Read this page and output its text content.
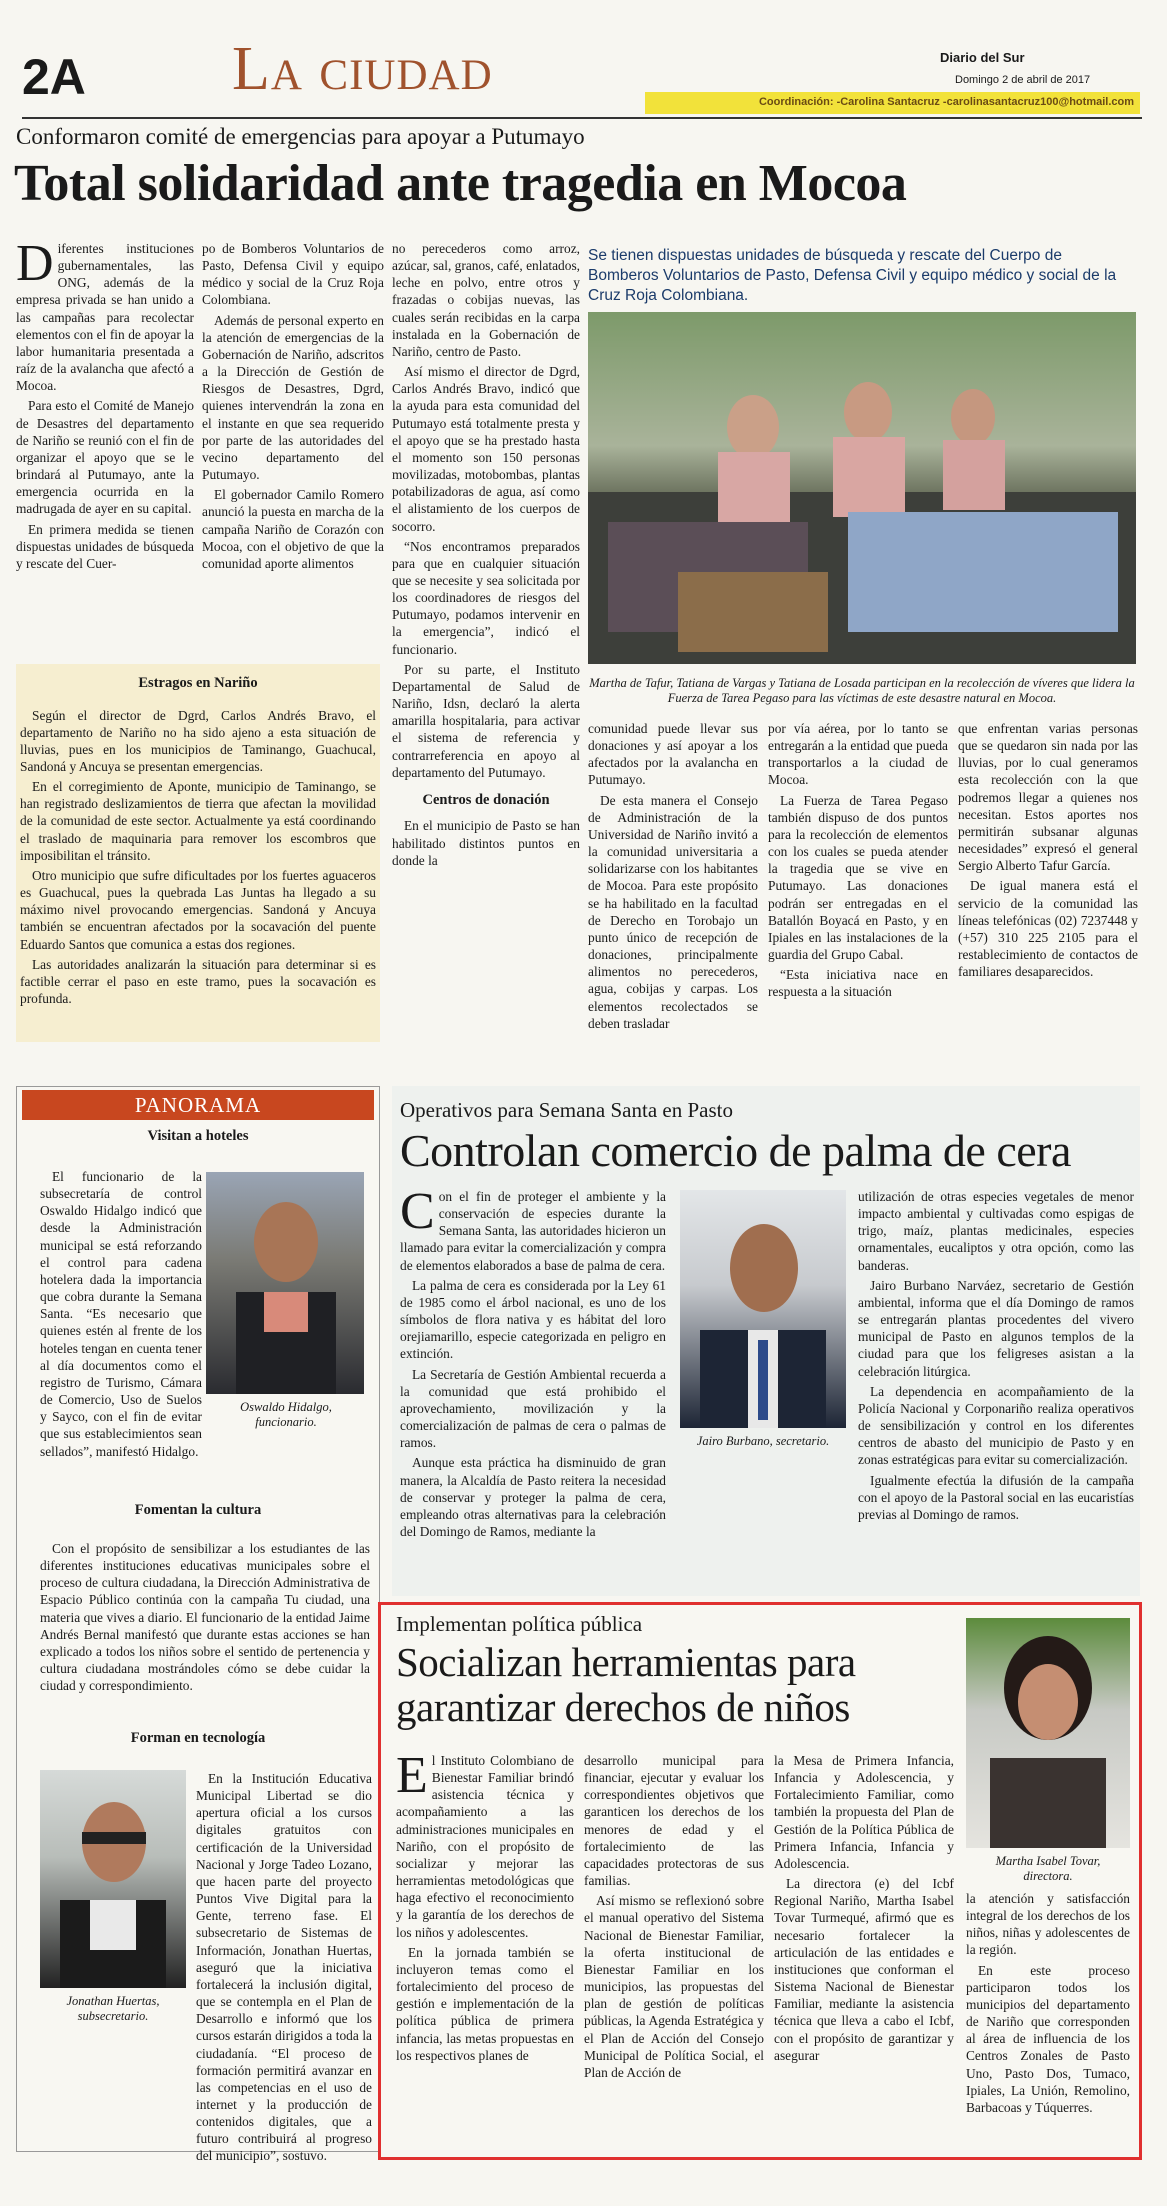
2A La ciudad	Diario del Sur
Domingo 2 de abril de 2017
Coordinación: -Carolina Santacruz -carolinasantacruz100@hotmail.com
Conformaron comité de emergencias para apoyar a Putumayo
Total solidaridad ante tragedia en Mocoa
D iferentes instituciones gubernamentales, las ONG, además de la empresa privada se han unido a las campañas para recolectar elementos con el fin de apoyar la labor humanitaria presentada a raíz de la avalancha que afectó a Mocoa.

Para esto el Comité de Manejo de Desastres del departamento de Nariño se reunió con el fin de organizar el apoyo que se le brindará al Putumayo, ante la emergencia ocurrida en la madrugada de ayer en su capital.

En primera medida se tienen dispuestas unidades de búsqueda y rescate del Cuer-

po de Bomberos Voluntarios de Pasto, Defensa Civil y equipo médico y social de la Cruz Roja Colombiana.

Además de personal experto en la atención de emergencias de la Gobernación de Nariño, adscritos a la Dirección de Gestión de Riesgos de Desastres, Dgrd, quienes intervendrán la zona en el instante en que sea requerido por parte de las autoridades del vecino departamento del Putumayo.

El gobernador Camilo Romero anunció la puesta en marcha de la campaña Nariño de Corazón con Mocoa, con el objetivo de que la comunidad aporte alimentos

no perecederos como arroz, azúcar, sal, granos, café, enlatados, leche en polvo, entre otros y frazadas o cobijas nuevas, las cuales serán recibidas en la carpa instalada en la Gobernación de Nariño, centro de Pasto.

Así mismo el director de Dgrd, Carlos Andrés Bravo, indicó que la ayuda para esta comunidad del Putumayo está totalmente presta y el apoyo que se ha prestado hasta el momento son 150 personas movilizadas, motobombas, plantas potabilizadoras de agua, así como el alistamiento de los cuerpos de socorro.

“Nos encontramos preparados para que en cualquier situación que se necesite y sea solicitada por los coordinadores de riesgos del Putumayo, podamos intervenir en la emergencia”, indicó el funcionario.

Por su parte, el Instituto Departamental de Salud de Nariño, Idsn, declaró la alerta amarilla hospitalaria, para activar el sistema de referencia y contrarreferencia en apoyo al departamento del Putumayo.

Centros de donación

En el municipio de Pasto se han habilitado distintos puntos en donde la

Se tienen dispuestas unidades de búsqueda y rescate del Cuerpo de Bomberos Voluntarios de Pasto, Defensa Civil y equipo médico y social de la Cruz Roja Colombiana.
Martha de Tafur, Tatiana de Vargas y Tatiana de Losada participan en la recolección de víveres que lidera la Fuerza de Tarea Pegaso para las víctimas de este desastre natural en Mocoa.
Estragos en Nariño

Según el director de Dgrd, Carlos Andrés Bravo, el departamento de Nariño no ha sido ajeno a esta situación de lluvias, pues en los municipios de Taminango, Guachucal, Sandoná y Ancuya se presentan emergencias.

En el corregimiento de Aponte, municipio de Taminango, se han registrado deslizamientos de tierra que afectan la movilidad de la comunidad de este sector. Actualmente ya está coordinando el traslado de maquinaria para remover los escombros que imposibilitan el tránsito.

Otro municipio que sufre dificultades por los fuertes aguaceros es Guachucal, pues la quebrada Las Juntas ha llegado a su máximo nivel provocando emergencias. Sandoná y Ancuya también se encuentran afectados por la socavación del puente Eduardo Santos que comunica a estas dos regiones.

Las autoridades analizarán la situación para determinar si es factible cerrar el paso en este tramo, pues la socavación es profunda.

comunidad puede llevar sus donaciones y así apoyar a los afectados por la avalancha en Putumayo.

De esta manera el Consejo de Administración de la Universidad de Nariño invitó a la comunidad universitaria a solidarizarse con los habitantes de Mocoa. Para este propósito se ha habilitado en la facultad de Derecho en Torobajo un punto único de recepción de donaciones, principalmente alimentos no perecederos, agua, cobijas y carpas. Los elementos recolectados se deben trasladar

por vía aérea, por lo tanto se entregarán a la entidad que pueda transportarlos a la ciudad de Mocoa.

La Fuerza de Tarea Pegaso también dispuso de dos puntos para la recolección de elementos con los cuales se pueda atender la tragedia que se vive en Putumayo. Las donaciones podrán ser entregadas en el Batallón Boyacá en Pasto, y en Ipiales en las instalaciones de la guardia del Grupo Cabal.

“Esta iniciativa nace en respuesta a la situación

que enfrentan varias personas que se quedaron sin nada por las lluvias, por lo cual generamos esta recolección con la que podremos llegar a quienes nos necesitan. Estos aportes nos permitirán subsanar algunas necesidades” expresó el general Sergio Alberto Tafur García.

De igual manera está el servicio de la comunidad las líneas telefónicas (02) 7237448 y (+57) 310 225 2105 para el restablecimiento de contactos de familiares desaparecidos.

PANORAMA
Visitan a hoteles

El funcionario de la subsecretaría de control Oswaldo Hidalgo indicó que desde la Administración municipal se está reforzando el control para cadena hotelera dada la importancia que cobra durante la Semana Santa. “Es necesario que quienes estén al frente de los hoteles tengan en cuenta tener al día documentos como el registro de Turismo, Cámara de Comercio, Uso de Suelos y Sayco, con el fin de evitar que sus establecimientos sean sellados”, manifestó Hidalgo.

Oswaldo Hidalgo, funcionario.
Fomentan la cultura

Con el propósito de sensibilizar a los estudiantes de las diferentes instituciones educativas municipales sobre el proceso de cultura ciudadana, la Dirección Administrativa de Espacio Público continúa con la campaña Tu ciudad, una materia que vives a diario. El funcionario de la entidad Jaime Andrés Bernal manifestó que durante estas acciones se han explicado a todos los niños sobre el sentido de pertenencia y cultura ciudadana mostrándoles cómo se debe cuidar la ciudad y correspondimiento.

Forman en tecnología
Jonathan Huertas, subsecretario.

En la Institución Educativa Municipal Libertad se dio apertura oficial a los cursos digitales gratuitos con certificación de la Universidad Nacional y Jorge Tadeo Lozano, que hacen parte del proyecto Puntos Vive Digital para la Gente, terreno fase. El subsecretario de Sistemas de Información, Jonathan Huertas, aseguró que la iniciativa fortalecerá la inclusión digital, que se contempla en el Plan de Desarrollo e informó que los cursos estarán dirigidos a toda la ciudadanía. “El proceso de formación permitirá avanzar en las competencias en el uso de internet y la producción de contenidos digitales, que a futuro contribuirá al progreso del municipio”, sostuvo.

Operativos para Semana Santa en Pasto
Controlan comercio de palma de cera
C on el fin de proteger el ambiente y la conservación de especies durante la Semana Santa, las autoridades hicieron un llamado para evitar la comercialización y compra de elementos elaborados a base de palma de cera.

La palma de cera es considerada por la Ley 61 de 1985 como el árbol nacional, es uno de los símbolos de flora nativa y es hábitat del loro orejiamarillo, especie categorizada en peligro en extinción.

La Secretaría de Gestión Ambiental recuerda a la comunidad que está prohibido el aprovechamiento, movilización y la comercialización de palmas de cera o palmas de ramos.

Aunque esta práctica ha disminuido de gran manera, la Alcaldía de Pasto reitera la necesidad de conservar y proteger la palma de cera, empleando otras alternativas para la celebración del Domingo de Ramos, mediante la

Jairo Burbano, secretario.

utilización de otras especies vegetales de menor impacto ambiental y cultivadas como espigas de trigo, maíz, plantas medicinales, especies ornamentales, eucaliptos y otra opción, como las banderas.

Jairo Burbano Narváez, secretario de Gestión ambiental, informa que el día Domingo de ramos se entregarán plantas procedentes del vivero municipal de Pasto en algunos templos de la ciudad para que los feligreses asistan a la celebración litúrgica.

La dependencia en acompañamiento de la Policía Nacional y Corponariño realiza operativos de sensibilización y control en los diferentes centros de abasto del municipio de Pasto y en zonas estratégicas para evitar su comercialización.

Igualmente efectúa la difusión de la campaña con el apoyo de la Pastoral social en las eucaristías previas al Domingo de ramos.

Implementan política pública
Socializan herramientas para garantizar derechos de niños
Martha Isabel Tovar, directora.
E l Instituto Colombiano de Bienestar Familiar brindó asistencia técnica y acompañamiento a las administraciones municipales en Nariño, con el propósito de socializar y mejorar las herramientas metodológicas que haga efectivo el reconocimiento y la garantía de los derechos de los niños y adolescentes.

En la jornada también se incluyeron temas como el fortalecimiento del proceso de gestión e implementación de la política pública de primera infancia, las metas propuestas en los respectivos planes de

desarrollo municipal para financiar, ejecutar y evaluar los correspondientes objetivos que garanticen los derechos de los menores de edad y el fortalecimiento de las capacidades protectoras de sus familias.

Así mismo se reflexionó sobre el manual operativo del Sistema Nacional de Bienestar Familiar, la oferta institucional de Bienestar Familiar en los municipios, las propuestas del plan de gestión de políticas públicas, la Agenda Estratégica y el Plan de Acción del Consejo Municipal de Política Social, el Plan de Acción de

la Mesa de Primera Infancia, Infancia y Adolescencia, y Fortalecimiento Familiar, como también la propuesta del Plan de Gestión de la Política Pública de Primera Infancia, Infancia y Adolescencia.

La directora (e) del Icbf Regional Nariño, Martha Isabel Tovar Turmequé, afirmó que es necesario fortalecer la articulación de las entidades e instituciones que conforman el Sistema Nacional de Bienestar Familiar, mediante la asistencia técnica que lleva a cabo el Icbf, con el propósito de garantizar y asegurar

la atención y satisfacción integral de los derechos de los niños, niñas y adolescentes de la región.

En este proceso participaron todos los municipios del departamento de Nariño que corresponden al área de influencia de los Centros Zonales de Pasto Uno, Pasto Dos, Tumaco, Ipiales, La Unión, Remolino, Barbacoas y Túquerres.
